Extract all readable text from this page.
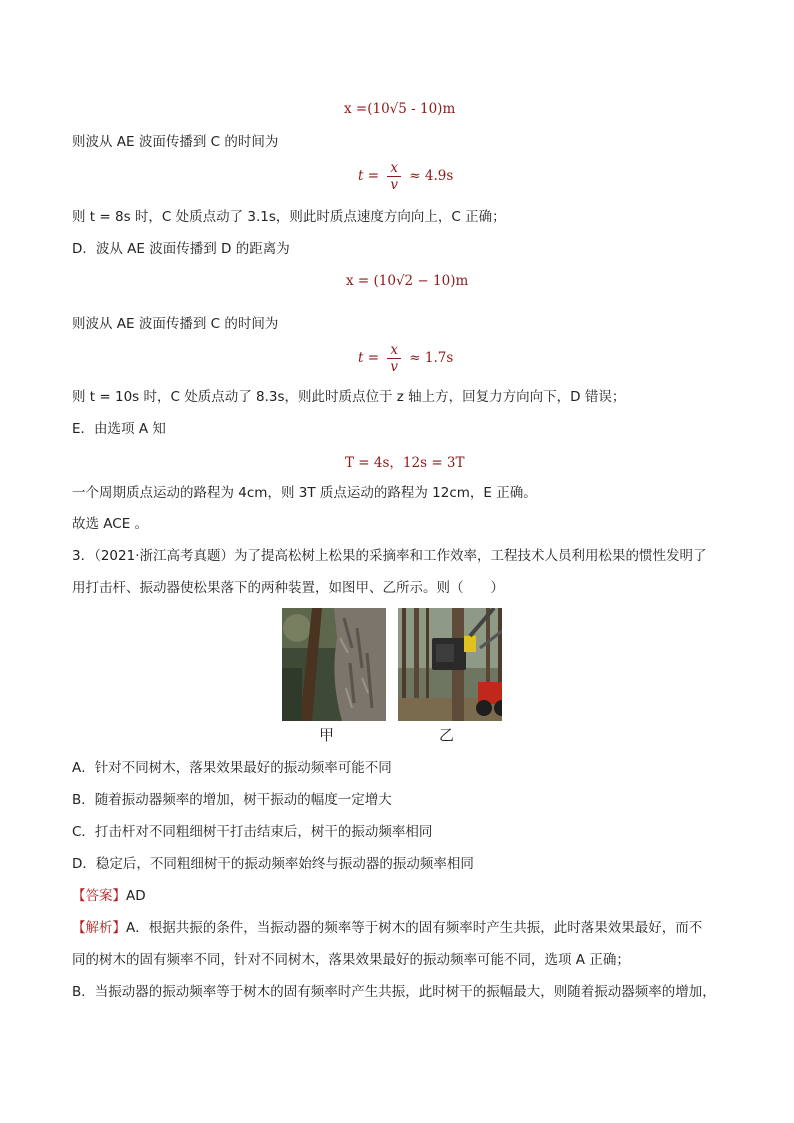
x =(10√5 - 10)m
则波从 AE 波面传播到 C 的时间为
$t = \frac{x}{v} \approx 4.9s$
则 t = 8s 时，C 处质点动了 3.1s，则此时质点速度方向向上，C 正确；
D．波从 AE 波面传播到 D 的距离为
x = (10√2 − 10)m
则波从 AE 波面传播到 C 的时间为
$t = \frac{x}{v} \approx 1.7s$
则 t = 10s 时，C 处质点动了 8.3s，则此时质点位于 z 轴上方，回复力方向向下，D 错误；
E．由选项 A 知
T = 4s，12s = 3T
一个周期质点运动的路程为 4cm，则 3T 质点运动的路程为 12cm，E 正确。
故选 ACE 。
3．（2021·浙江高考真题）为了提高松树上松果的采摘率和工作效率，工程技术人员利用松果的惯性发明了
用打击杆、振动器使松果落下的两种装置，如图甲、乙所示。则（　　）
甲	乙
A．针对不同树木，落果效果最好的振动频率可能不同
B．随着振动器频率的增加，树干振动的幅度一定增大
C．打击杆对不同粗细树干打击结束后，树干的振动频率相同
D．稳定后，不同粗细树干的振动频率始终与振动器的振动频率相同
【答案】AD
【解析】A．根据共振的条件，当振动器的频率等于树木的固有频率时产生共振，此时落果效果最好，而不
同的树木的固有频率不同，针对不同树木，落果效果最好的振动频率可能不同，选项 A 正确；
B．当振动器的振动频率等于树木的固有频率时产生共振，此时树干的振幅最大，则随着振动器频率的增加，
